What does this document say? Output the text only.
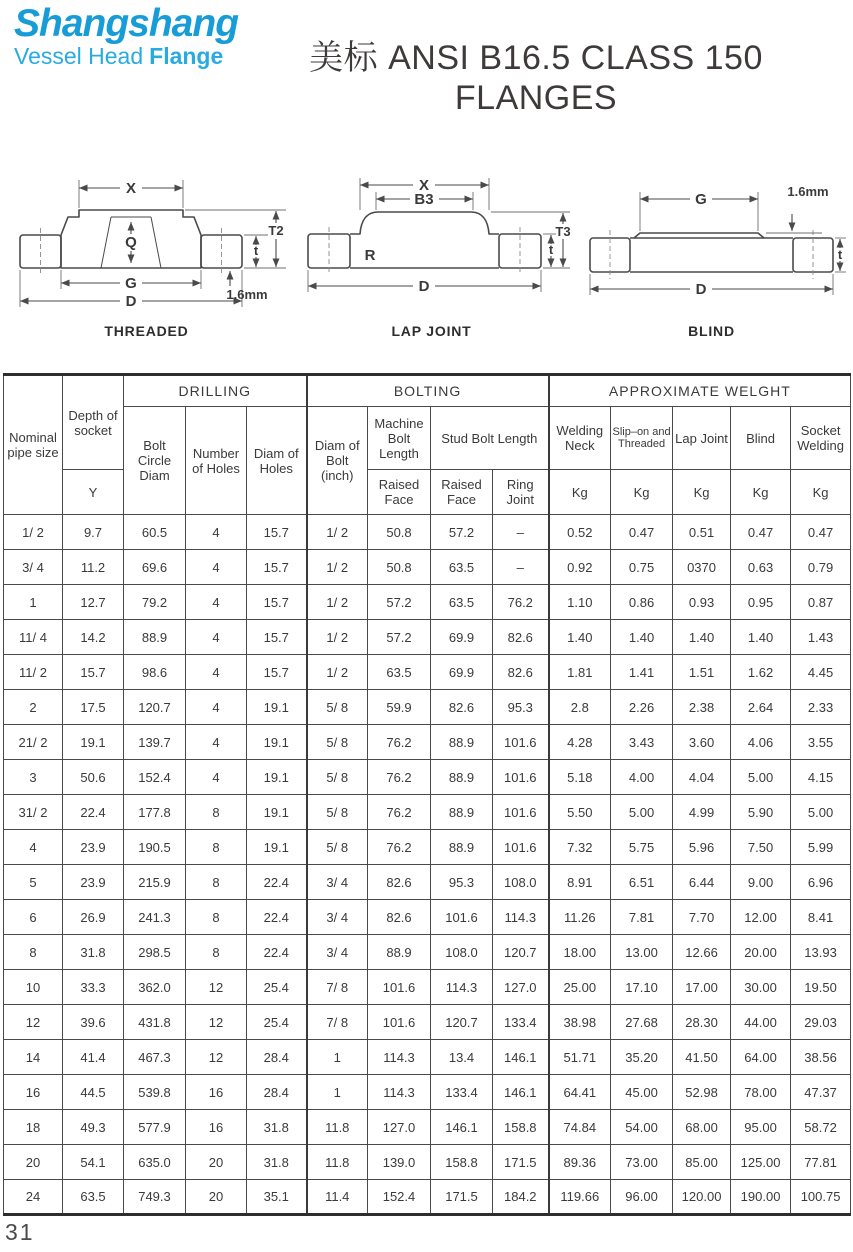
Shangshang
Vessel Head Flange	美标 ANSI B16.5 CLASS 150 FLANGES
X
Q
G
D
t
T2
1.6mm
THREADED
X
B3
R
D
t
T3
LAP JOINT
G
D
1.6mm
t
BLIND
Nominal pipe size	Depth of socket	DRILLING			BOLTING				APPROXIMATE WELGHT				
		Bolt Circle Diam	Number of Holes	Diam of Holes	Diam of Bolt (inch)	Machine Bolt Length	Stud Bolt Length		Welding Neck	Slip–on and Threaded	Lap Joint	Blind	Socket Welding
	Y					Raised Face	Raised Face	Ring Joint	Kg	Kg	Kg	Kg	Kg
1/ 2	9.7	60.5	4	15.7	1/ 2	50.8	57.2	–	0.52	0.47	0.51	0.47	0.47
3/ 4	11.2	69.6	4	15.7	1/ 2	50.8	63.5	–	0.92	0.75	0370	0.63	0.79
1	12.7	79.2	4	15.7	1/ 2	57.2	63.5	76.2	1.10	0.86	0.93	0.95	0.87
11/ 4	14.2	88.9	4	15.7	1/ 2	57.2	69.9	82.6	1.40	1.40	1.40	1.40	1.43
11/ 2	15.7	98.6	4	15.7	1/ 2	63.5	69.9	82.6	1.81	1.41	1.51	1.62	4.45
2	17.5	120.7	4	19.1	5/ 8	59.9	82.6	95.3	2.8	2.26	2.38	2.64	2.33
21/ 2	19.1	139.7	4	19.1	5/ 8	76.2	88.9	101.6	4.28	3.43	3.60	4.06	3.55
3	50.6	152.4	4	19.1	5/ 8	76.2	88.9	101.6	5.18	4.00	4.04	5.00	4.15
31/ 2	22.4	177.8	8	19.1	5/ 8	76.2	88.9	101.6	5.50	5.00	4.99	5.90	5.00
4	23.9	190.5	8	19.1	5/ 8	76.2	88.9	101.6	7.32	5.75	5.96	7.50	5.99
5	23.9	215.9	8	22.4	3/ 4	82.6	95.3	108.0	8.91	6.51	6.44	9.00	6.96
6	26.9	241.3	8	22.4	3/ 4	82.6	101.6	114.3	11.26	7.81	7.70	12.00	8.41
8	31.8	298.5	8	22.4	3/ 4	88.9	108.0	120.7	18.00	13.00	12.66	20.00	13.93
10	33.3	362.0	12	25.4	7/ 8	101.6	114.3	127.0	25.00	17.10	17.00	30.00	19.50
12	39.6	431.8	12	25.4	7/ 8	101.6	120.7	133.4	38.98	27.68	28.30	44.00	29.03
14	41.4	467.3	12	28.4	1	114.3	13.4	146.1	51.71	35.20	41.50	64.00	38.56
16	44.5	539.8	16	28.4	1	114.3	133.4	146.1	64.41	45.00	52.98	78.00	47.37
18	49.3	577.9	16	31.8	11.8	127.0	146.1	158.8	74.84	54.00	68.00	95.00	58.72
20	54.1	635.0	20	31.8	11.8	139.0	158.8	171.5	89.36	73.00	85.00	125.00	77.81
24	63.5	749.3	20	35.1	11.4	152.4	171.5	184.2	119.66	96.00	120.00	190.00	100.75
31
